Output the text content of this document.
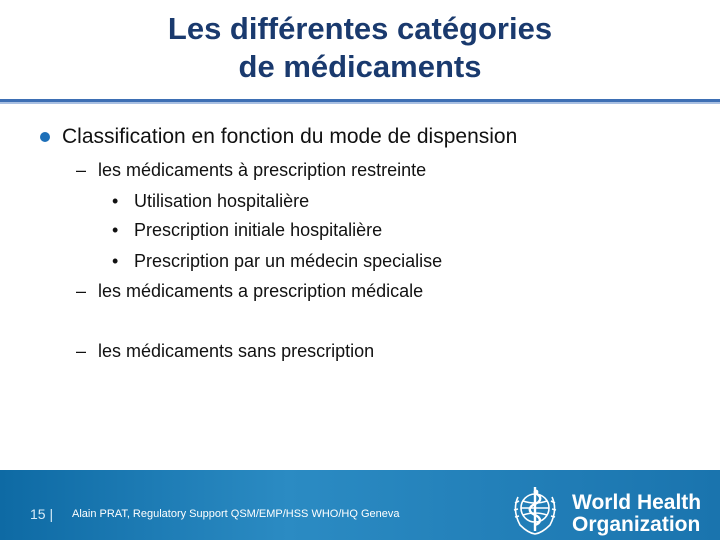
Les différentes catégories
de médicaments
Classification en fonction du mode de dispension
– les médicaments à prescription restreinte
• Utilisation hospitalière
• Prescription initiale hospitalière
• Prescription par un médecin specialise
– les médicaments a prescription médicale
– les médicaments sans prescription
15 | Alain PRAT, Regulatory Support QSM/EMP/HSS WHO/HQ Geneva	World Health
Organization
